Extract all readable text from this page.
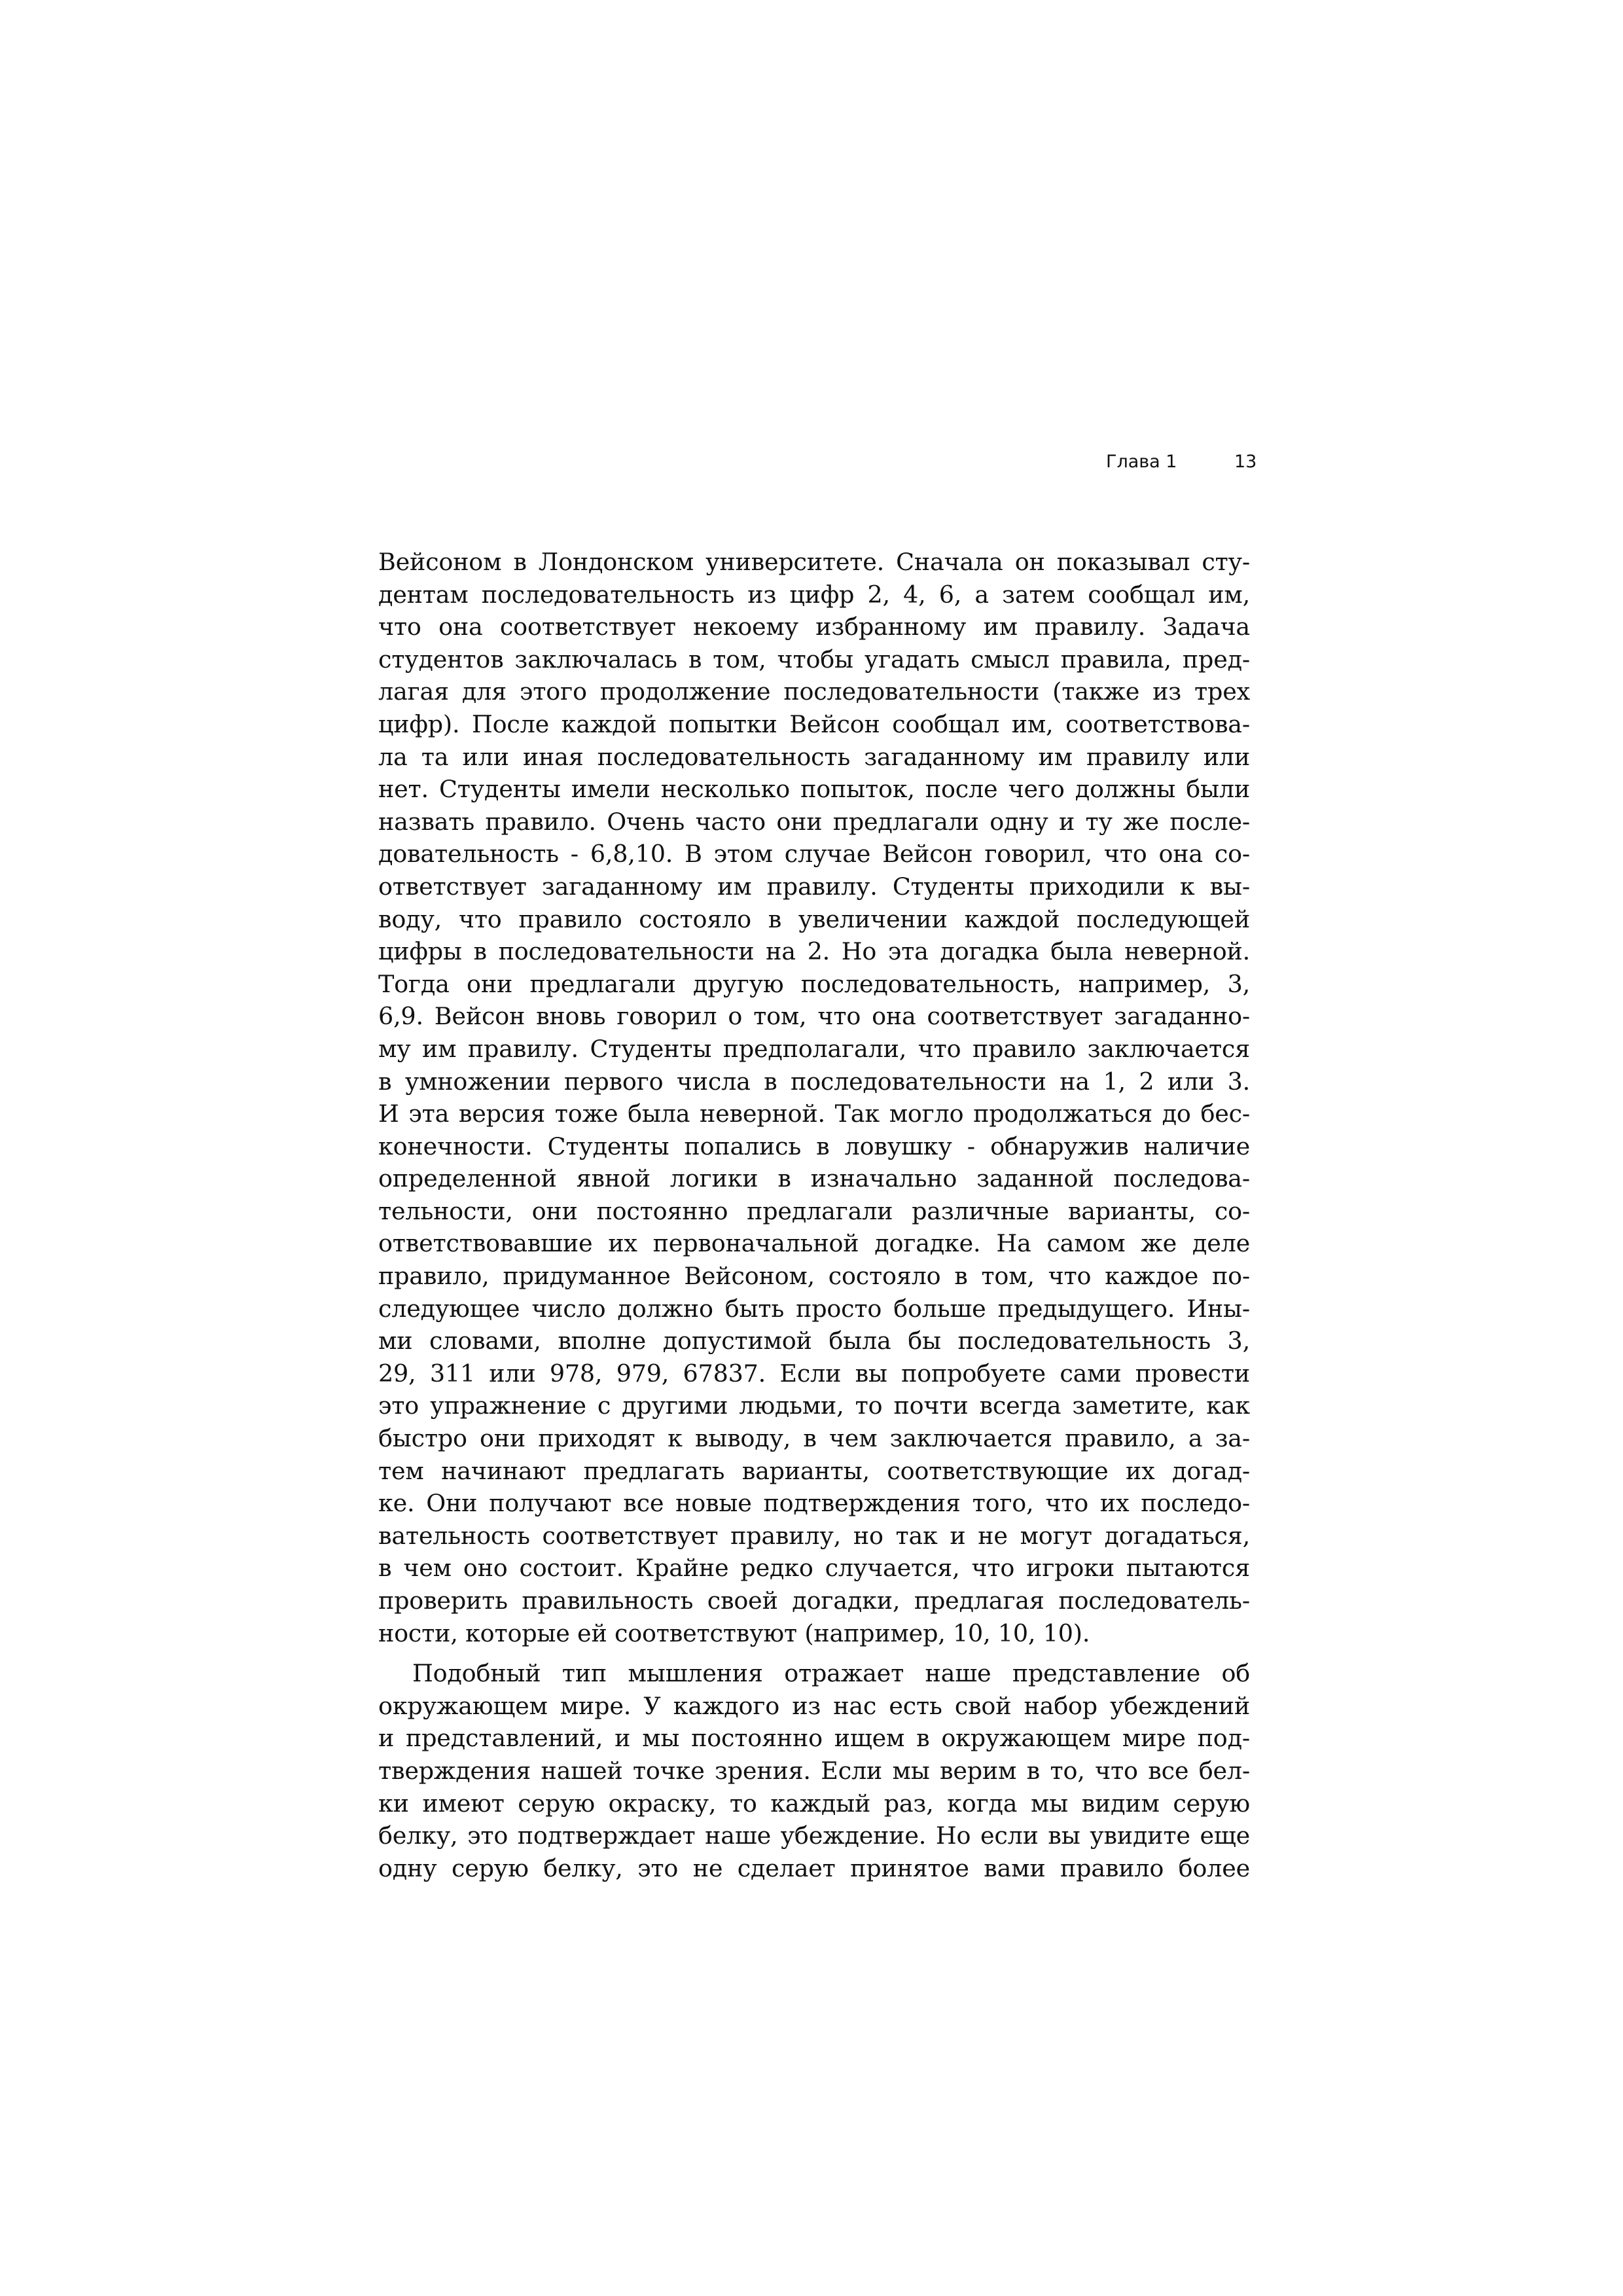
Глава 1	13
Вейсоном в Лондонском университете. Сначала он показывал сту-
дентам последовательность из цифр 2, 4, 6, а затем сообщал им,
что она соответствует некоему избранному им правилу. Задача
студентов заключалась в том, чтобы угадать смысл правила, пред-
лагая для этого продолжение последовательности (также из трех
цифр). После каждой попытки Вейсон сообщал им, соответствова-
ла та или иная последовательность загаданному им правилу или
нет. Студенты имели несколько попыток, после чего должны были
назвать правило. Очень часто они предлагали одну и ту же после-
довательность - 6,8,10. В этом случае Вейсон говорил, что она со-
ответствует загаданному им правилу. Студенты приходили к вы-
воду, что правило состояло в увеличении каждой последующей
цифры в последовательности на 2. Но эта догадка была неверной.
Тогда они предлагали другую последовательность, например, 3,
6,9. Вейсон вновь говорил о том, что она соответствует загаданно-
му им правилу. Студенты предполагали, что правило заключается
в умножении первого числа в последовательности на 1, 2 или 3.
И эта версия тоже была неверной. Так могло продолжаться до бес-
конечности. Студенты попались в ловушку - обнаружив наличие
определенной явной логики в изначально заданной последова-
тельности, они постоянно предлагали различные варианты, со-
ответствовавшие их первоначальной догадке. На самом же деле
правило, придуманное Вейсоном, состояло в том, что каждое по-
следующее число должно быть просто больше предыдущего. Ины-
ми словами, вполне допустимой была бы последовательность 3,
29, 311 или 978, 979, 67837. Если вы попробуете сами провести
это упражнение с другими людьми, то почти всегда заметите, как
быстро они приходят к выводу, в чем заключается правило, а за-
тем начинают предлагать варианты, соответствующие их догад-
ке. Они получают все новые подтверждения того, что их последо-
вательность соответствует правилу, но так и не могут догадаться,
в чем оно состоит. Крайне редко случается, что игроки пытаются
проверить правильность своей догадки, предлагая последователь-
ности, которые ей соответствуют (например, 10, 10, 10).
Подобный тип мышления отражает наше представление об
окружающем мире. У каждого из нас есть свой набор убеждений
и представлений, и мы постоянно ищем в окружающем мире под-
тверждения нашей точке зрения. Если мы верим в то, что все бел-
ки имеют серую окраску, то каждый раз, когда мы видим серую
белку, это подтверждает наше убеждение. Но если вы увидите еще
одну серую белку, это не сделает принятое вами правило более
